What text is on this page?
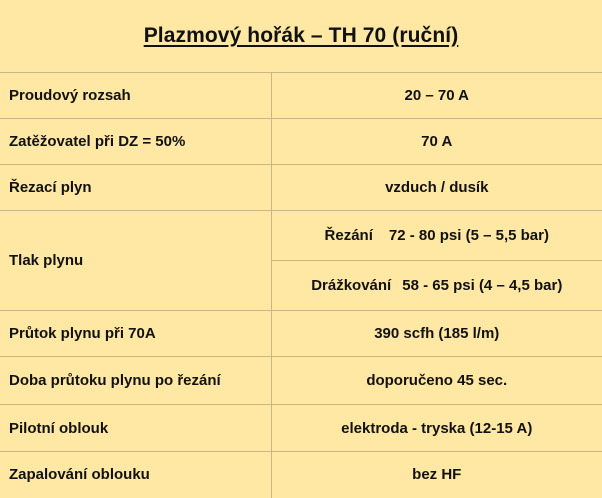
Plazmový hořák – TH 70 (ruční)
Proudový rozsah	20 – 70 A
Zatěžovatel při DZ = 50%	70 A
Řezací plyn	vzduch / dusík
Tlak plynu	Řezání 72 - 80 psi (5 – 5,5 bar)
	Drážkování 58 - 65 psi (4 – 4,5 bar)
Průtok plynu při 70A	390 scfh (185 l/m)
Doba průtoku plynu po řezání	doporučeno 45 sec.
Pilotní oblouk	elektroda - tryska (12-15 A)
Zapalování oblouku	bez HF
